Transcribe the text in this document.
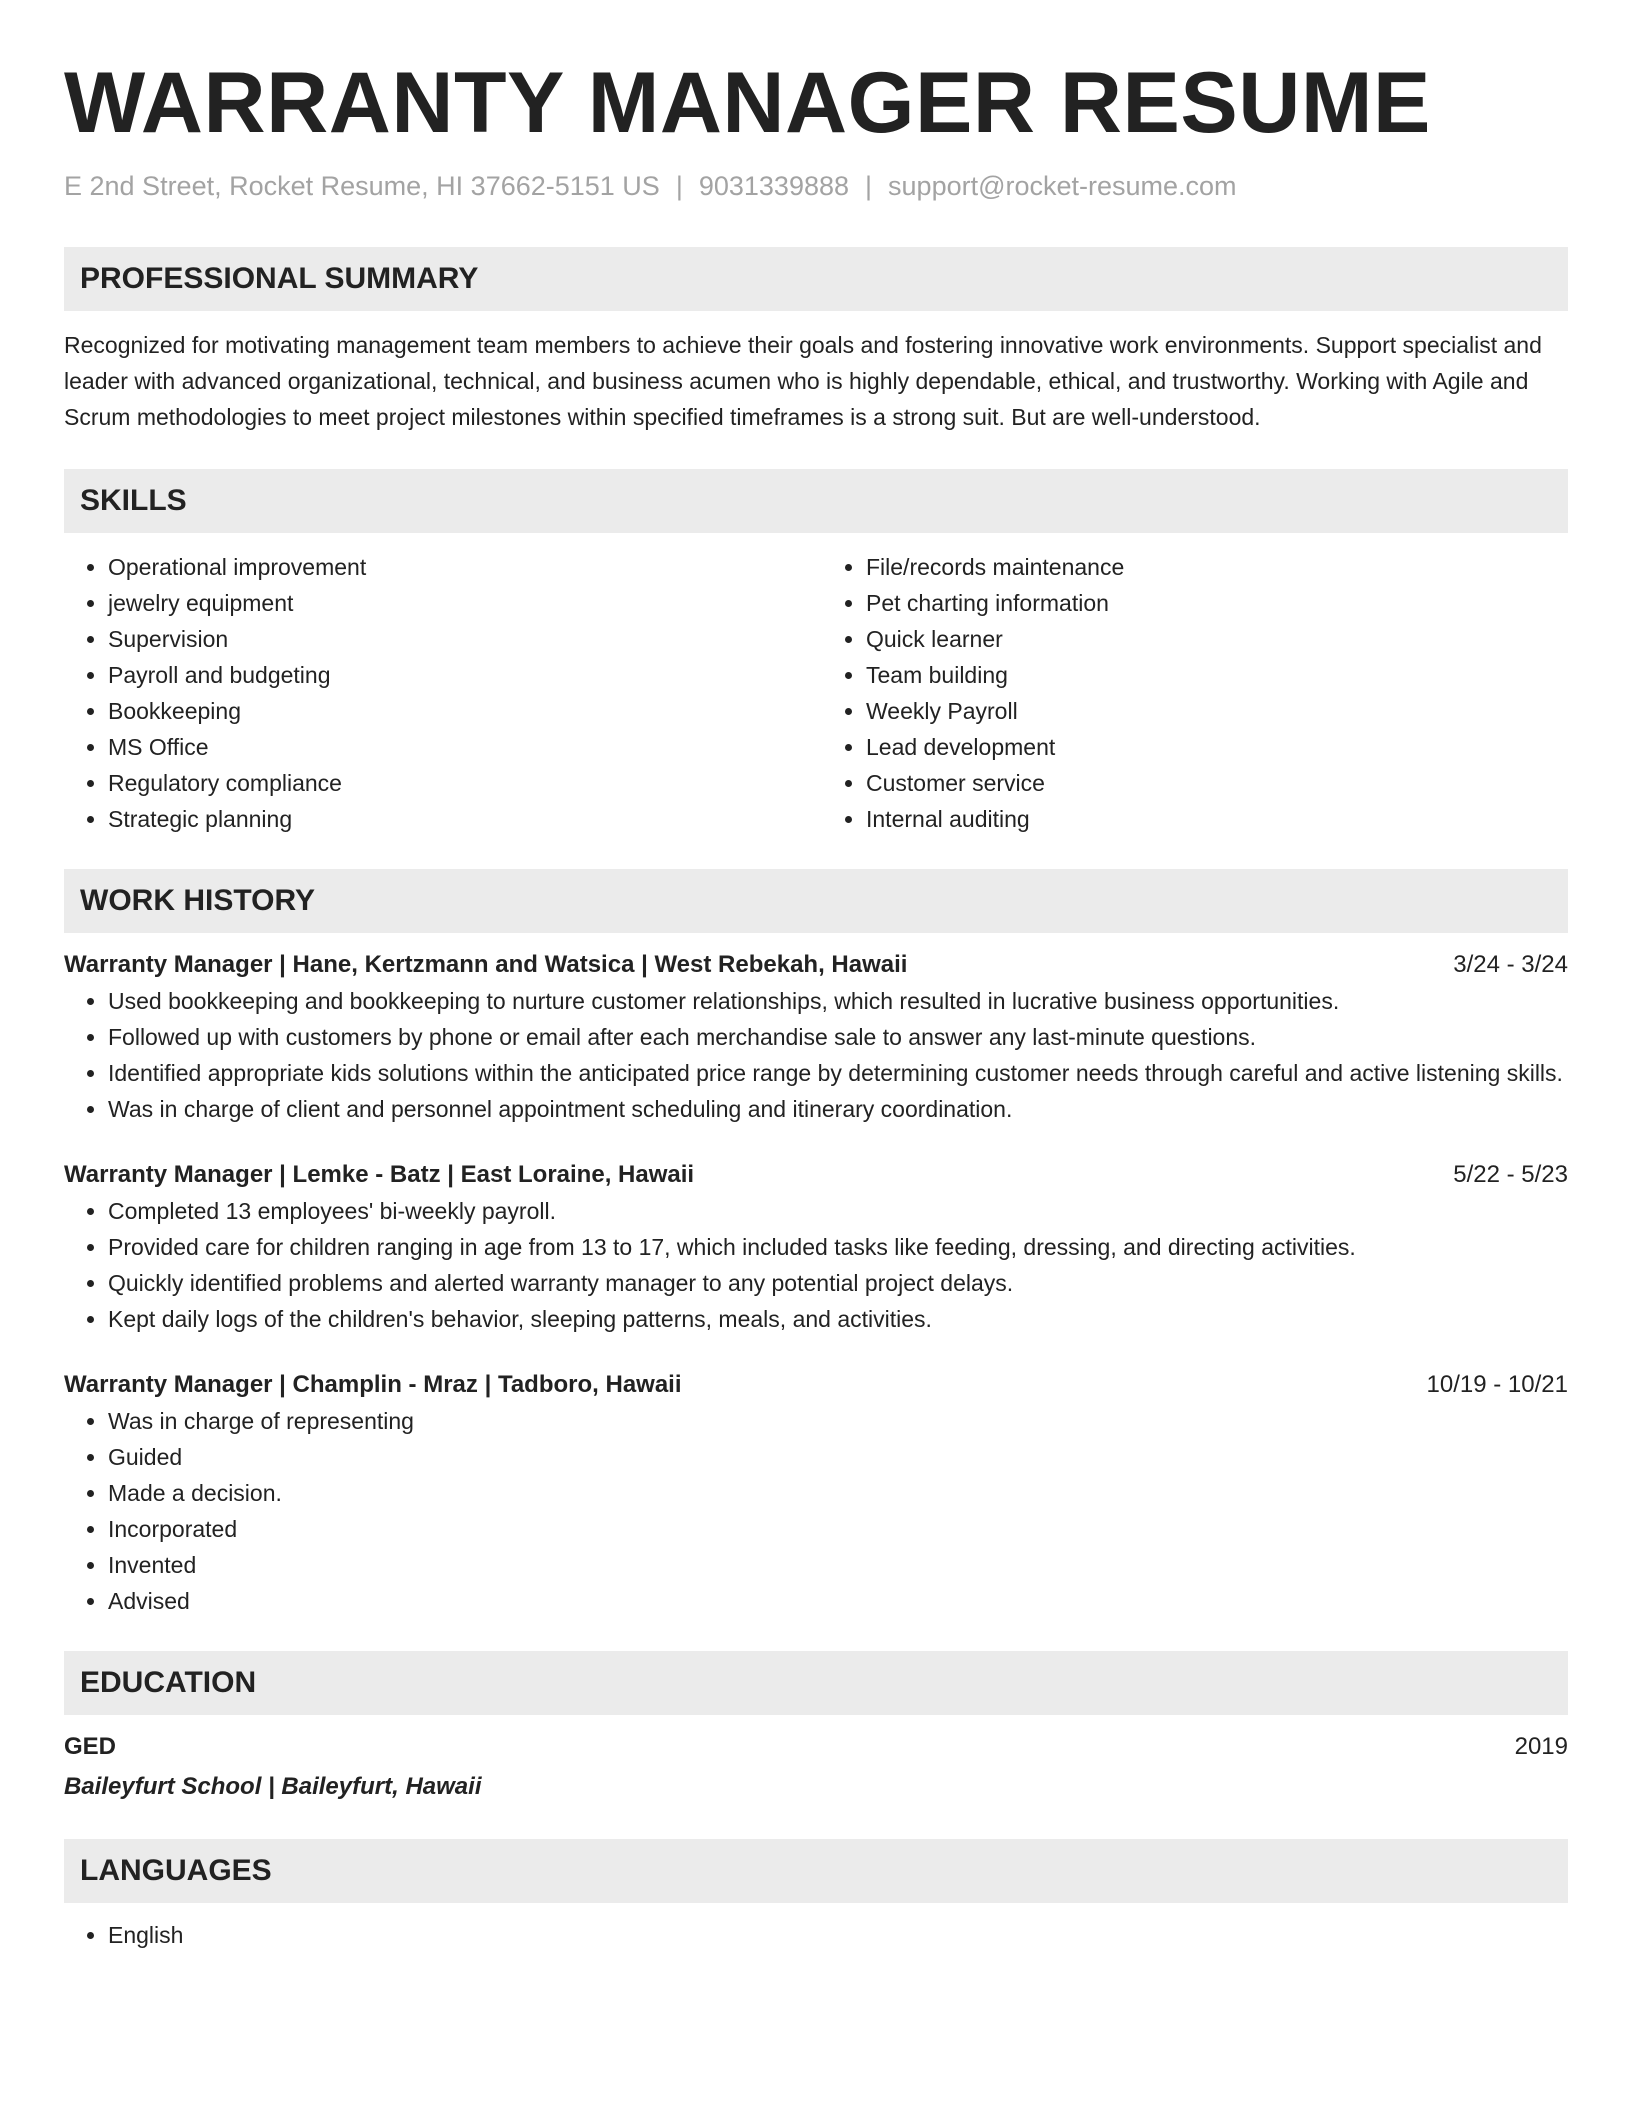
WARRANTY MANAGER RESUME
E 2nd Street, Rocket Resume, HI 37662-5151 US | 9031339888 | support@rocket-resume.com
PROFESSIONAL SUMMARY

Recognized for motivating management team members to achieve their goals and fostering innovative work environments. Support specialist and leader with advanced organizational, technical, and business acumen who is highly dependable, ethical, and trustworthy. Working with Agile and Scrum methodologies to meet project milestones within specified timeframes is a strong suit. But are well-understood.

SKILLS
• Operational improvement
• jewelry equipment
• Supervision
• Payroll and budgeting
• Bookkeeping
• MS Office
• Regulatory compliance
• Strategic planning
• File/records maintenance
• Pet charting information
• Quick learner
• Team building
• Weekly Payroll
• Lead development
• Customer service
• Internal auditing
WORK HISTORY
Warranty Manager | Hane, Kertzmann and Watsica | West Rebekah, Hawaii	3/24 - 3/24
• Used bookkeeping and bookkeeping to nurture customer relationships, which resulted in lucrative business opportunities.
• Followed up with customers by phone or email after each merchandise sale to answer any last-minute questions.
• Identified appropriate kids solutions within the anticipated price range by determining customer needs through careful and active listening skills.
• Was in charge of client and personnel appointment scheduling and itinerary coordination.
Warranty Manager | Lemke - Batz | East Loraine, Hawaii	5/22 - 5/23
• Completed 13 employees' bi-weekly payroll.
• Provided care for children ranging in age from 13 to 17, which included tasks like feeding, dressing, and directing activities.
• Quickly identified problems and alerted warranty manager to any potential project delays.
• Kept daily logs of the children's behavior, sleeping patterns, meals, and activities.
Warranty Manager | Champlin - Mraz | Tadboro, Hawaii	10/19 - 10/21
• Was in charge of representing
• Guided
• Made a decision.
• Incorporated
• Invented
• Advised
EDUCATION
GED	2019
Baileyfurt School | Baileyfurt, Hawaii
LANGUAGES
• English
